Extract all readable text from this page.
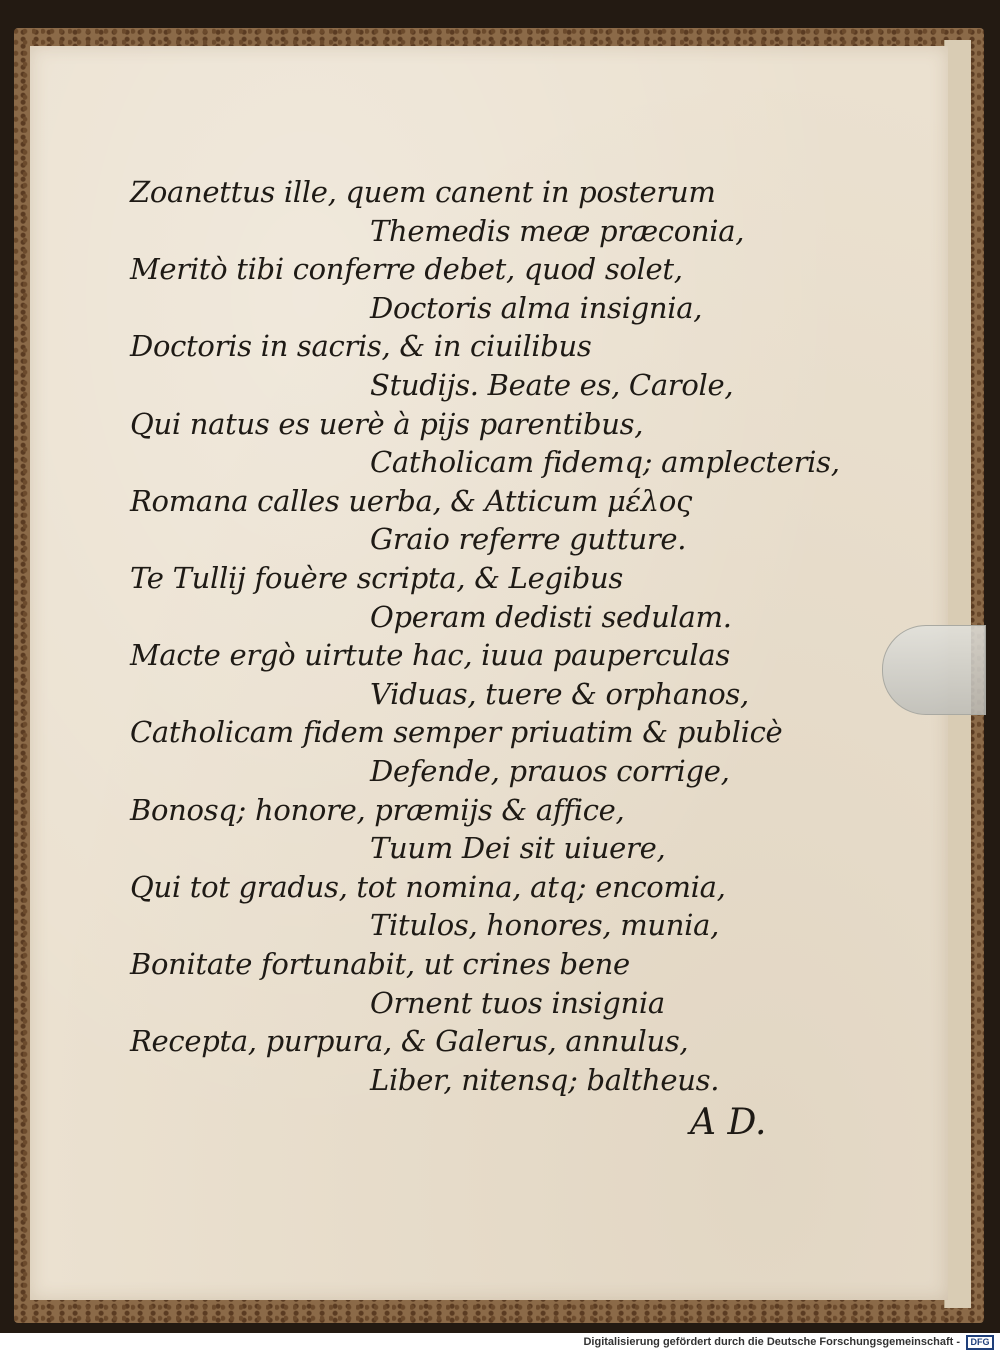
Zoanettus ille, quem canent in posterum

Themedis meæ præconia,

Meritò tibi conferre debet, quod solet,

Doctoris alma insignia,

Doctoris in sacris, & in ciuilibus

Studijs. Beate es, Carole,

Qui natus es uerè à pijs parentibus,

Catholicam fidemq; amplecteris,

Romana calles uerba, & Atticum μέλος

Graio referre gutture.

Te Tullij fouère scripta, & Legibus

Operam dedisti sedulam.

Macte ergò uirtute hac, iuua pauperculas

Viduas, tuere & orphanos,

Catholicam fidem semper priuatim & publicè

Defende, prauos corrige,

Bonosq; honore, præmijs & affice,

Tuum Dei sit uiuere,

Qui tot gradus, tot nomina, atq; encomia,

Titulos, honores, munia,

Bonitate fortunabit, ut crines bene

Ornent tuos insignia

Recepta, purpura, & Galerus, annulus,

Liber, nitensq; baltheus.

A D.
Digitalisierung gefördert durch die Deutsche Forschungsgemeinschaft -	DFG
